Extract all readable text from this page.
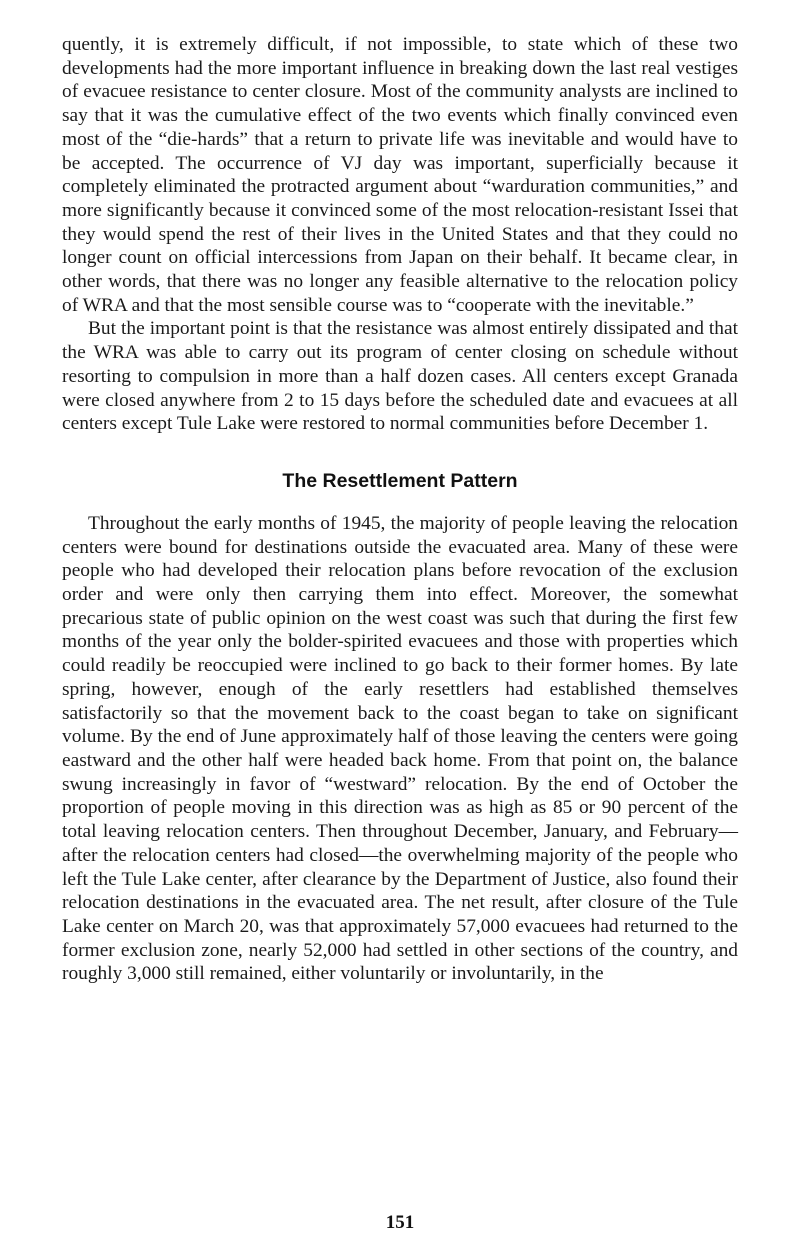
quently, it is extremely difficult, if not impossible, to state which of these two developments had the more important influence in breaking down the last real vestiges of evacuee resistance to center closure. Most of the community analysts are inclined to say that it was the cumulative effect of the two events which finally convinced even most of the “die-hards” that a return to private life was inevitable and would have to be accepted. The occurrence of VJ day was important, superficially because it completely eliminated the protracted argument about “warduration communities,” and more significantly because it convinced some of the most relocation-resistant Issei that they would spend the rest of their lives in the United States and that they could no longer count on official intercessions from Japan on their behalf. It became clear, in other words, that there was no longer any feasible alternative to the relocation policy of WRA and that the most sensible course was to “cooperate with the inevitable.”

But the important point is that the resistance was almost entirely dissipated and that the WRA was able to carry out its program of center closing on schedule without resorting to compulsion in more than a half dozen cases. All centers except Granada were closed anywhere from 2 to 15 days before the scheduled date and evacuees at all centers except Tule Lake were restored to normal communities before December 1.

The Resettlement Pattern

Throughout the early months of 1945, the majority of people leaving the relocation centers were bound for destinations outside the evacuated area. Many of these were people who had developed their relocation plans before revocation of the exclusion order and were only then carrying them into effect. Moreover, the somewhat precarious state of public opinion on the west coast was such that during the first few months of the year only the bolder-spirited evacuees and those with properties which could readily be reoccupied were inclined to go back to their former homes. By late spring, however, enough of the early resettlers had established themselves satisfactorily so that the movement back to the coast began to take on significant volume. By the end of June approximately half of those leaving the centers were going eastward and the other half were headed back home. From that point on, the balance swung increasingly in favor of “westward” relocation. By the end of October the proportion of people moving in this direction was as high as 85 or 90 percent of the total leaving relocation centers. Then throughout December, January, and February—after the relocation centers had closed—the overwhelming majority of the people who left the Tule Lake center, after clearance by the Department of Justice, also found their relocation destinations in the evacuated area. The net result, after closure of the Tule Lake center on March 20, was that approximately 57,000 evacuees had returned to the former exclusion zone, nearly 52,000 had settled in other sections of the country, and roughly 3,000 still remained, either voluntarily or involuntarily, in the

151
